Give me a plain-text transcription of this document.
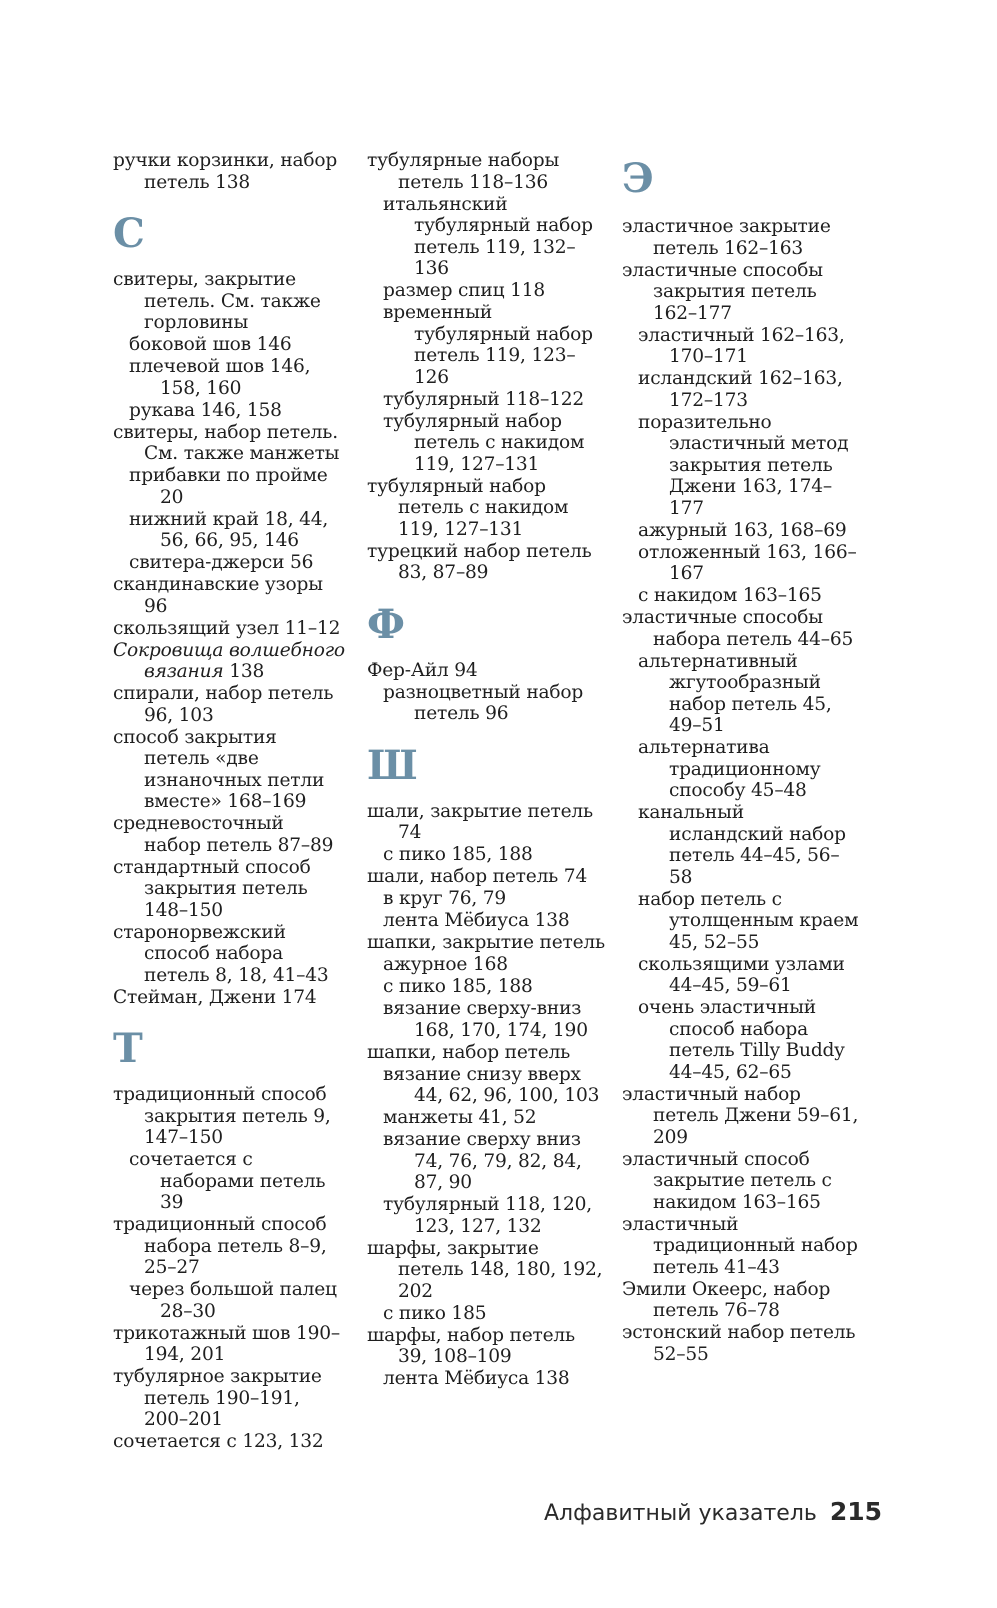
ручки корзинки, набор петель 138
С
свитеры, закрытие петель. См. также горловины
боковой шов 146
плечевой шов 146, 158, 160
рукава 146, 158
свитеры, набор петель. См. также манжеты
прибавки по пройме 20
нижний край 18, 44, 56, 66, 95, 146
свитера-джерси 56
скандинавские узоры 96
скользящий узел 11–12
Сокровища волшебного вязания 138
спирали, набор петель 96, 103
способ закрытия петель «две изнаночных петли вместе» 168–169
средневосточный набор петель 87–89
стандартный способ закрытия петель 148–150
старонорвежский способ набора петель 8, 18, 41–43
Стейман, Джени 174
Т
традиционный способ закрытия петель 9, 147–150
сочетается с наборами петель 39
традиционный способ набора петель 8–9, 25–27
через большой палец 28–30
трикотажный шов 190–194, 201
тубулярное закрытие петель 190–191, 200–201
сочетается с 123, 132
тубулярные наборы петель 118–136
итальянский тубулярный набор петель 119, 132–136
размер спиц 118
временный тубулярный набор петель 119, 123–126
тубулярный 118–122
тубулярный набор петель с накидом 119, 127–131
тубулярный набор петель с накидом 119, 127–131
турецкий набор петель 83, 87–89
Ф
Фер-Айл 94
разноцветный набор петель 96
Ш
шали, закрытие петель 74
с пико 185, 188
шали, набор петель 74
в круг 76, 79
лента Мёбиуса 138
шапки, закрытие петель
ажурное 168
с пико 185, 188
вязание сверху-вниз 168, 170, 174, 190
шапки, набор петель
вязание снизу вверх 44, 62, 96, 100, 103
манжеты 41, 52
вязание сверху вниз 74, 76, 79, 82, 84, 87, 90
тубулярный 118, 120, 123, 127, 132
шарфы, закрытие петель 148, 180, 192, 202
с пико 185
шарфы, набор петель 39, 108–109
лента Мёбиуса 138
Э
эластичное закрытие петель 162–163
эластичные способы закрытия петель 162–177
эластичный 162–163, 170–171
исландский 162–163, 172–173
поразительно эластичный метод закрытия петель Джени 163, 174–177
ажурный 163, 168–69
отложенный 163, 166–167
с накидом 163–165
эластичные способы набора петель 44–65
альтернативный жгутообразный набор петель 45, 49–51
альтернатива традиционному способу 45–48
канальный исландский набор петель 44–45, 56–58
набор петель с утолщенным краем 45, 52–55
скользящими узлами 44–45, 59–61
очень эластичный способ набора петель Tilly Buddy 44–45, 62–65
эластичный набор петель Джени 59–61, 209
эластичный способ закрытие петель с накидом 163–165
эластичный традиционный набор петель 41–43
Эмили Океерс, набор петель 76–78
эстонский набор петель 52–55
Алфавитный указатель 215
